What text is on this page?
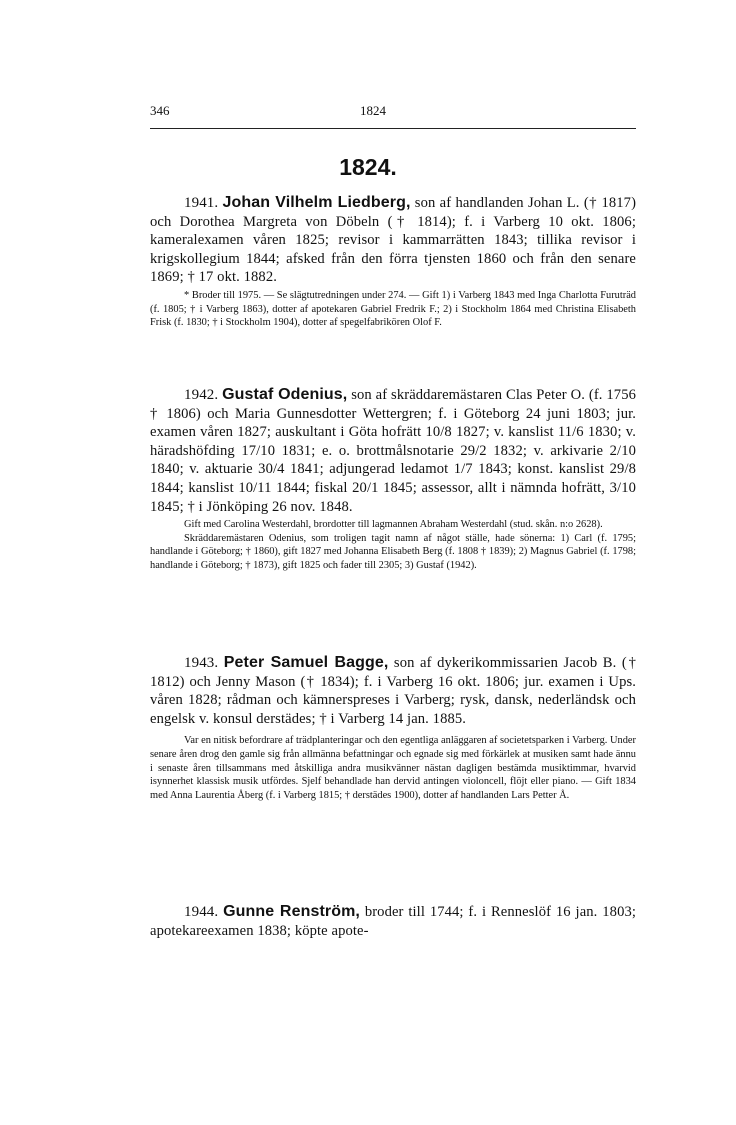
346	1824
1824.

1941. Johan Vilhelm Liedberg, son af handlanden Johan L. († 1817) och Dorothea Margreta von Döbeln († 1814); f. i Varberg 10 okt. 1806; kameralexamen våren 1825; revisor i kammarrätten 1843; tillika revisor i krigskollegium 1844; afsked från den förra tjensten 1860 och från den senare 1869; † 17 okt. 1882.

* Broder till 1975. — Se slägtutredningen under 274. — Gift 1) i Varberg 1843 med Inga Charlotta Furuträd (f. 1805; † i Varberg 1863), dotter af apotekaren Gabriel Fredrik F.; 2) i Stockholm 1864 med Christina Elisabeth Frisk (f. 1830; † i Stockholm 1904), dotter af spegelfabrikören Olof F.

1942. Gustaf Odenius, son af skräddaremästaren Clas Peter O. (f. 1756 † 1806) och Maria Gunnesdotter Wettergren; f. i Göteborg 24 juni 1803; jur. examen våren 1827; auskultant i Göta hofrätt 10/8 1827; v. kanslist 11/6 1830; v. häradshöfding 17/10 1831; e. o. brottmålsnotarie 29/2 1832; v. arkivarie 2/10 1840; v. aktuarie 30/4 1841; adjungerad ledamot 1/7 1843; konst. kanslist 29/8 1844; kanslist 10/11 1844; fiskal 20/1 1845; assessor, allt i nämnda hofrätt, 3/10 1845; † i Jönköping 26 nov. 1848.

Gift med Carolina Westerdahl, brordotter till lagmannen Abraham Westerdahl (stud. skån. n:o 2628).

Skräddaremästaren Odenius, som troligen tagit namn af något ställe, hade sönerna: 1) Carl (f. 1795; handlande i Göteborg; † 1860), gift 1827 med Johanna Elisabeth Berg (f. 1808 † 1839); 2) Magnus Gabriel (f. 1798; handlande i Göteborg; † 1873), gift 1825 och fader till 2305; 3) Gustaf (1942).

1943. Peter Samuel Bagge, son af dykerikommissarien Jacob B. († 1812) och Jenny Mason († 1834); f. i Varberg 16 okt. 1806; jur. examen i Ups. våren 1828; rådman och kämnerspreses i Varberg; rysk, dansk, nederländsk och engelsk v. konsul derstädes; † i Varberg 14 jan. 1885.

Var en nitisk befordrare af trädplanteringar och den egentliga anläggaren af societetsparken i Varberg. Under senare åren drog den gamle sig från allmänna befattningar och egnade sig med förkärlek at musiken samt hade ännu i senaste åren tillsammans med åtskilliga andra musikvänner nästan dagligen bestämda musiktimmar, hvarvid isynnerhet klassisk musik utfördes. Sjelf behandlade han dervid antingen violoncell, flöjt eller piano. — Gift 1834 med Anna Laurentia Åberg (f. i Varberg 1815; † derstädes 1900), dotter af handlanden Lars Petter Å.

1944. Gunne Renström, broder till 1744; f. i Renneslöf 16 jan. 1803; apotekareexamen 1838; köpte apote-
